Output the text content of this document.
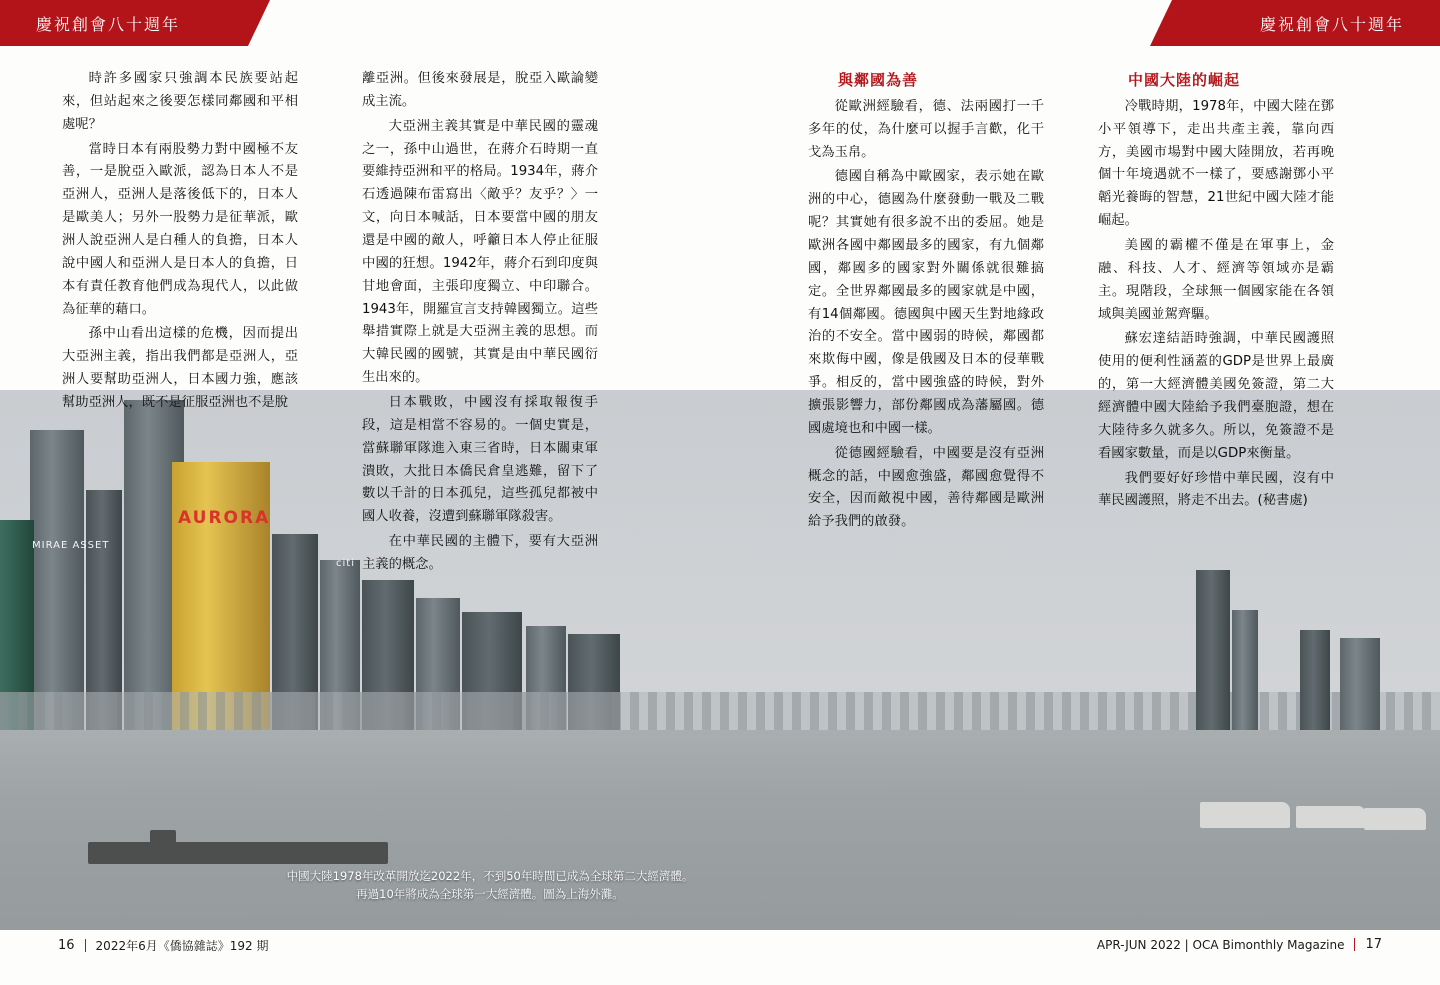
慶祝創會八十週年	慶祝創會八十週年
MIRAE ASSET
AURORA
citi
中國大陸1978年改革開放迄2022年，不到50年時間已成為全球第二大經濟體。
再過10年將成為全球第一大經濟體。圖為上海外灘。

時許多國家只強調本民族要站起來，但站起來之後要怎樣同鄰國和平相處呢？

當時日本有兩股勢力對中國極不友善，一是脫亞入歐派，認為日本人不是亞洲人，亞洲人是落後低下的，日本人是歐美人；另外一股勢力是征華派，歐洲人說亞洲人是白種人的負擔，日本人說中國人和亞洲人是日本人的負擔，日本有責任教育他們成為現代人，以此做為征華的藉口。

孫中山看出這樣的危機，因而提出大亞洲主義，指出我們都是亞洲人，亞洲人要幫助亞洲人，日本國力強，應該幫助亞洲人，既不是征服亞洲也不是脫

離亞洲。但後來發展是，脫亞入歐論變成主流。

大亞洲主義其實是中華民國的靈魂之一，孫中山過世，在蔣介石時期一直要維持亞洲和平的格局。1934年，蔣介石透過陳布雷寫出〈敵乎？友乎？〉一文，向日本喊話，日本要當中國的朋友還是中國的敵人，呼籲日本人停止征服中國的狂想。1942年，蔣介石到印度與甘地會面，主張印度獨立、中印聯合。1943年，開羅宣言支持韓國獨立。這些舉措實際上就是大亞洲主義的思想。而大韓民國的國號，其實是由中華民國衍生出來的。

日本戰敗，中國沒有採取報復手段，這是相當不容易的。一個史實是，當蘇聯軍隊進入東三省時，日本關東軍潰敗，大批日本僑民倉皇逃難，留下了數以千計的日本孤兒，這些孤兒都被中國人收養，沒遭到蘇聯軍隊殺害。

在中華民國的主體下，要有大亞洲主義的概念。

與鄰國為善

從歐洲經驗看，德、法兩國打一千多年的仗，為什麼可以握手言歡，化干戈為玉帛。

德國自稱為中歐國家，表示她在歐洲的中心，德國為什麼發動一戰及二戰呢？其實她有很多說不出的委屈。她是歐洲各國中鄰國最多的國家，有九個鄰國，鄰國多的國家對外關係就很難搞定。全世界鄰國最多的國家就是中國，有14個鄰國。德國與中國天生對地緣政治的不安全。當中國弱的時候，鄰國都來欺侮中國，像是俄國及日本的侵華戰爭。相反的，當中國強盛的時候，對外擴張影響力，部份鄰國成為藩屬國。德國處境也和中國一樣。

從德國經驗看，中國要是沒有亞洲概念的話，中國愈強盛，鄰國愈覺得不安全，因而敵視中國，善待鄰國是歐洲給予我們的啟發。

中國大陸的崛起

冷戰時期，1978年，中國大陸在鄧小平領導下，走出共產主義，靠向西方，美國市場對中國大陸開放，若再晚個十年境遇就不一樣了，要感謝鄧小平韜光養晦的智慧，21世紀中國大陸才能崛起。

美國的霸權不僅是在軍事上，金融、科技、人才、經濟等領域亦是霸主。現階段，全球無一個國家能在各領域與美國並駕齊驅。

蘇宏達結語時強調，中華民國護照使用的便利性涵蓋的GDP是世界上最廣的，第一大經濟體美國免簽證，第二大經濟體中國大陸給予我們臺胞證，想在大陸待多久就多久。所以，免簽證不是看國家數量，而是以GDP來衡量。

我們要好好珍惜中華民國，沒有中華民國護照，將走不出去。(秘書處)

16 2022年6月《僑協雜誌》192 期	APR-JUN 2022 | OCA Bimonthly Magazine 17
